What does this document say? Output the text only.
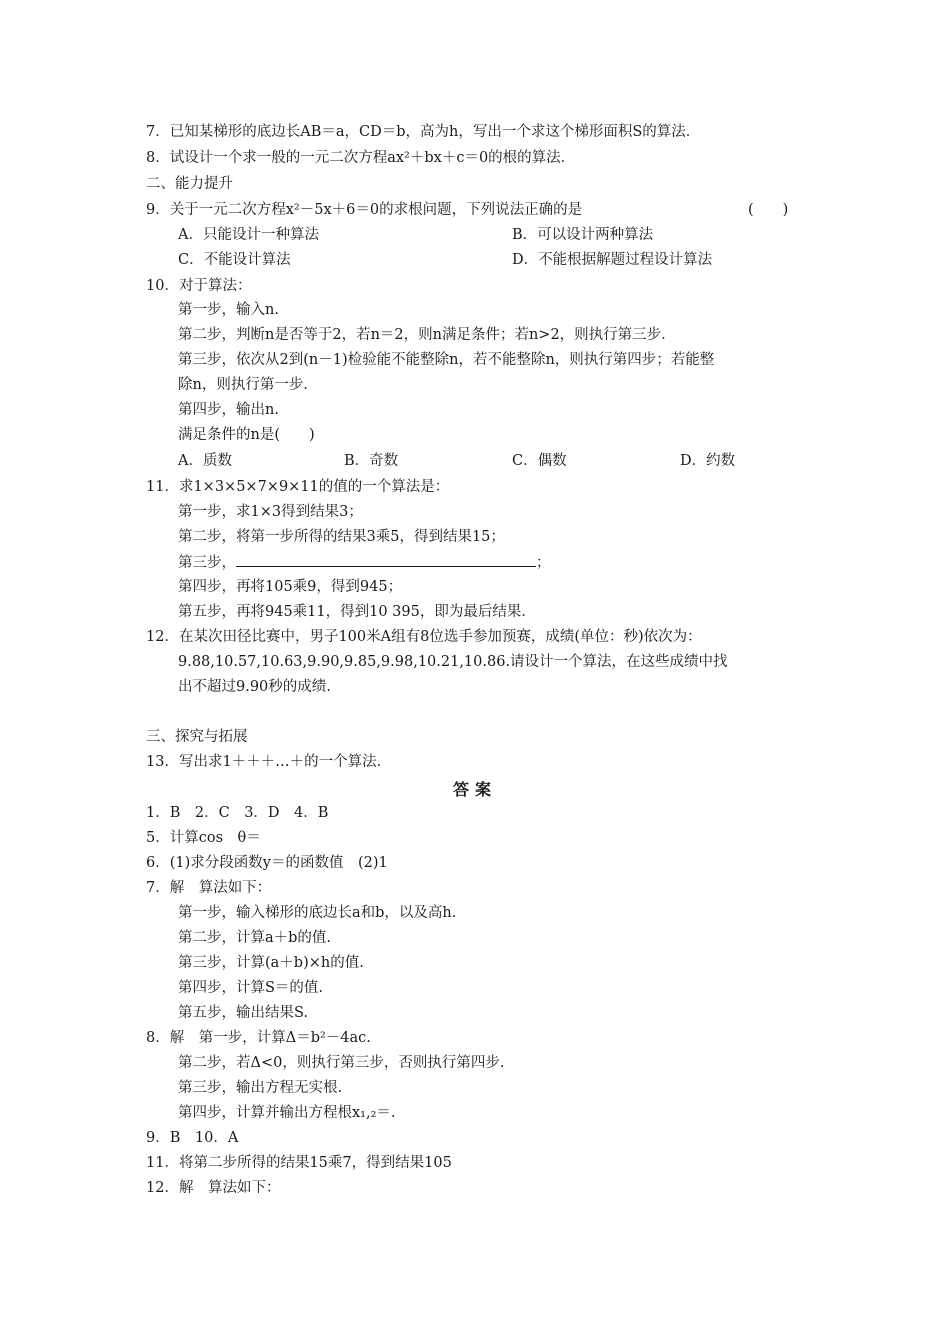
7．已知某梯形的底边长AB＝a，CD＝b，高为h，写出一个求这个梯形面积S的算法．
8．试设计一个求一般的一元二次方程ax²＋bx＋c＝0的根的算法．
二、能力提升
9．关于一元二次方程x²－5x＋6＝0的求根问题，下列说法正确的是	(　　)
A．只能设计一种算法	B．可以设计两种算法
C．不能设计算法	D．不能根据解题过程设计算法
10．对于算法：
第一步，输入n.
第二步，判断n是否等于2，若n＝2，则n满足条件；若n>2，则执行第三步．
第三步，依次从2到(n－1)检验能不能整除n，若不能整除n，则执行第四步；若能整
除n，则执行第一步．
第四步，输出n.
满足条件的n是(　　)
A．质数	B．奇数	C．偶数	D．约数
11．求1×3×5×7×9×11的值的一个算法是：
第一步，求1×3得到结果3；
第二步，将第一步所得的结果3乘5，得到结果15；
第三步，	；
第四步，再将105乘9，得到945；
第五步，再将945乘11，得到10 395，即为最后结果．
12．在某次田径比赛中，男子100米A组有8位选手参加预赛，成绩(单位：秒)依次为：
9.88,10.57,10.63,9.90,9.85,9.98,10.21,10.86.请设计一个算法，在这些成绩中找
出不超过9.90秒的成绩.
三、探究与拓展
13．写出求1＋＋＋…＋的一个算法．
答案
1．B　2．C　3．D　4．B
5．计算cos　θ＝
6．(1)求分段函数y＝的函数值　(2)1
7．解　算法如下：
第一步，输入梯形的底边长a和b，以及高h.
第二步，计算a＋b的值.
第三步，计算(a＋b)×h的值.
第四步，计算S＝的值.
第五步，输出结果S.
8．解　第一步，计算Δ＝b²－4ac.
第二步，若Δ<0，则执行第三步，否则执行第四步.
第三步，输出方程无实根.
第四步，计算并输出方程根x₁,₂＝.
9．B　10．A
11．将第二步所得的结果15乘7，得到结果105
12．解　算法如下：
